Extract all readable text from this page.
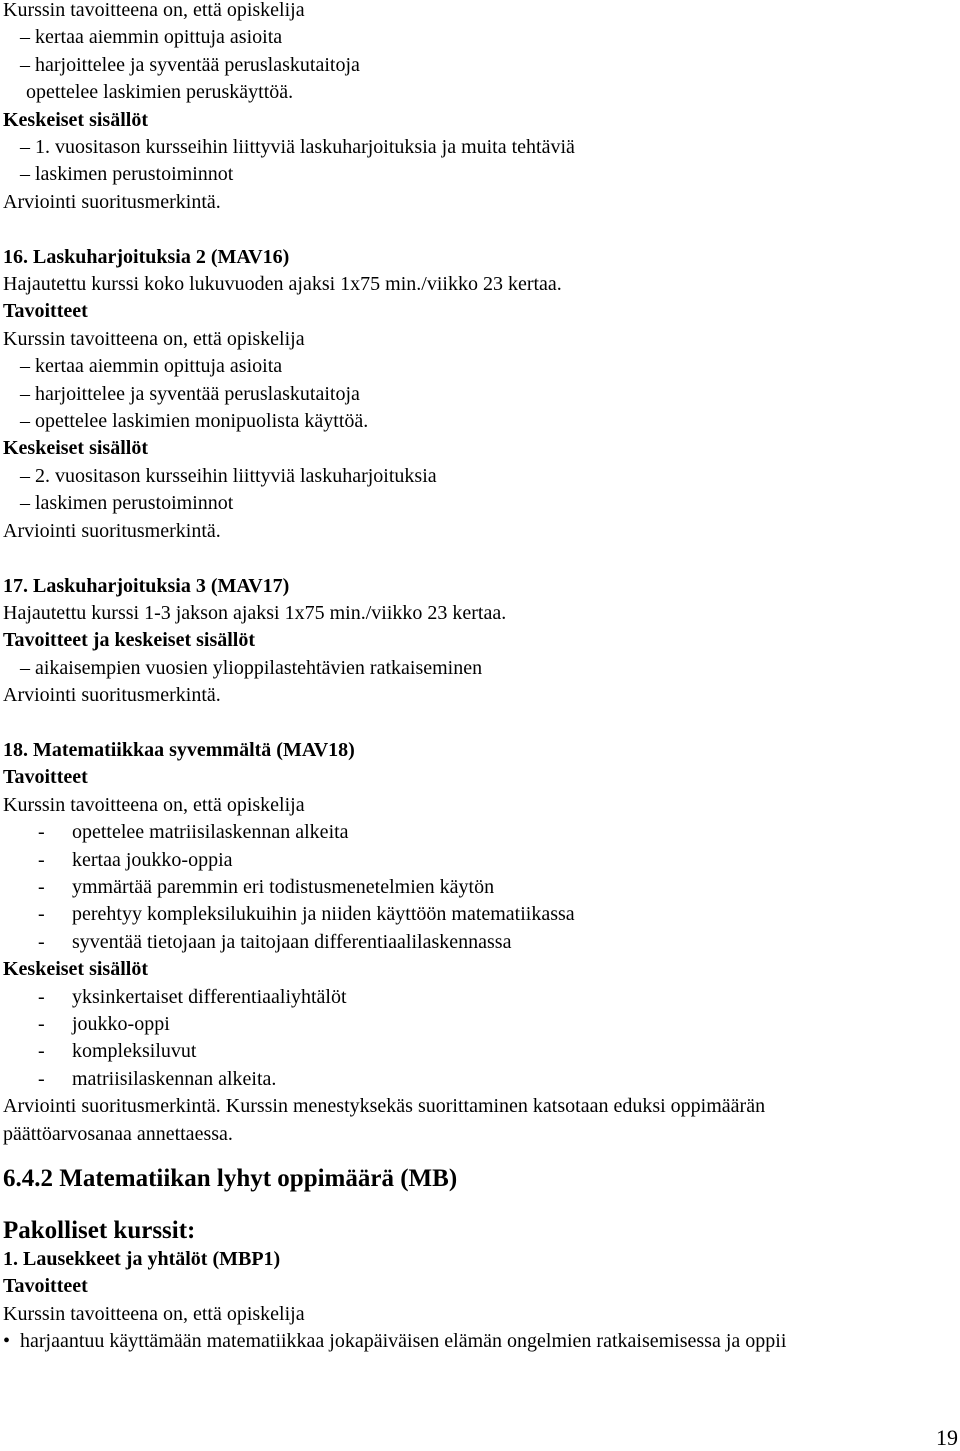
Kurssin tavoitteena on, että opiskelija
– kertaa aiemmin opittuja asioita
– harjoittelee ja syventää peruslaskutaitoja
opettelee laskimien peruskäyttöä.
Keskeiset sisällöt
– 1. vuositason kursseihin liittyviä laskuharjoituksia ja muita tehtäviä
– laskimen perustoiminnot
Arviointi suoritusmerkintä.
16. Laskuharjoituksia 2 (MAV16)
Hajautettu kurssi koko lukuvuoden ajaksi 1x75 min./viikko 23 kertaa.
Tavoitteet
Kurssin tavoitteena on, että opiskelija
– kertaa aiemmin opittuja asioita
– harjoittelee ja syventää peruslaskutaitoja
– opettelee laskimien monipuolista käyttöä.
Keskeiset sisällöt
– 2. vuositason kursseihin liittyviä laskuharjoituksia
– laskimen perustoiminnot
Arviointi suoritusmerkintä.
17. Laskuharjoituksia 3 (MAV17)
Hajautettu kurssi 1-3 jakson ajaksi 1x75 min./viikko 23 kertaa.
Tavoitteet ja keskeiset sisällöt
– aikaisempien vuosien ylioppilastehtävien ratkaiseminen
Arviointi suoritusmerkintä.
18. Matematiikkaa syvemmältä (MAV18)
Tavoitteet
Kurssin tavoitteena on, että opiskelija
- opettelee matriisilaskennan alkeita
- kertaa joukko-oppia
- ymmärtää paremmin eri todistusmenetelmien käytön
- perehtyy kompleksilukuihin ja niiden käyttöön matematiikassa
- syventää tietojaan ja taitojaan differentiaalilaskennassa
Keskeiset sisällöt
- yksinkertaiset differentiaaliyhtälöt
- joukko-oppi
- kompleksiluvut
- matriisilaskennan alkeita.
Arviointi suoritusmerkintä. Kurssin menestyksekäs suorittaminen katsotaan eduksi oppimäärän
päättöarvosanaa annettaessa.
6.4.2 Matematiikan lyhyt oppimäärä (MB)
Pakolliset kurssit:
1. Lausekkeet ja yhtälöt (MBP1)
Tavoitteet
Kurssin tavoitteena on, että opiskelija
• harjaantuu käyttämään matematiikkaa jokapäiväisen elämän ongelmien ratkaisemisessa ja oppii
19
